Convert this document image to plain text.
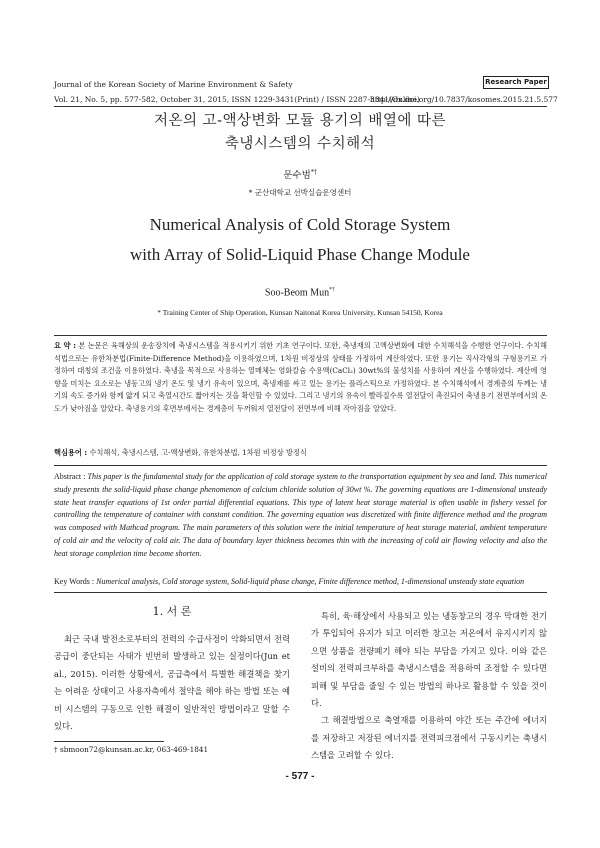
Journal of the Korean Society of Marine Environment & Safety	Research Paper
Vol. 21, No. 5, pp. 577-582, October 31, 2015, ISSN 1229-3431(Print) / ISSN 2287-3341(Online)
http://dx.doi.org/10.7837/kosomes.2015.21.5.577
저온의 고-액상변화 모듈 용기의 배열에 따른
축냉시스템의 수치해석
문수범*†
* 군산대학교 선박실습운영센터
Numerical Analysis of Cold Storage System
with Array of Solid-Liquid Phase Change Module
Soo-Beom Mun*†
* Training Center of Ship Operation, Kunsan Naitonal Korea University, Kunsan 54150, Korea
요 약 : 본 논문은 육해상의 운송장치에 축냉시스템을 적용시키기 위한 기초 연구이다. 또한, 축냉재의 고액상변화에 대한 수치해석을 수행한 연구이다. 수치해석법으로는 유한차분법(Finite-Difference Method)을 이용하였으며, 1차원 비정상의 상태를 가정하여 계산하였다. 또한 용기는 직사각형의 구형용기로 가정하여 대칭의 조건을 이용하였다. 축냉을 목적으로 사용하는 열매체는 염화칼슘 수용액(CaCl₂) 30wt%의 물성치를 사용하여 계산을 수행하였다. 계산에 영향을 미치는 요소로는 냉동고의 냉기 온도 및 냉기 유속이 있으며, 축냉재를 싸고 있는 용기는 플라스틱으로 가정하였다. 본 수치해석에서 경계층의 두께는 냉기의 속도 증가와 함께 얇게 되고 축열시간도 짧아지는 것을 확인할 수 있었다. 그리고 냉기의 유속이 빨라질수록 열전달이 촉진되어 축냉용기 전면부에서의 온도가 낮아짐을 알았다. 축냉용기의 후면부에서는 경계층이 두꺼워져 열전달이 전면부에 비해 작아짐을 알았다.
핵심용어 : 수치해석, 축냉시스템, 고-액상변화, 유한차분법, 1차원 비정상 방정식
Abstract : This paper is the fundamental study for the application of cold storage system to the transportation equipment by sea and land. This numerical study presents the solid-liquid phase change phenomenon of calcium chloride solution of 30wt %. The governing equations are 1-dimensional unsteady state heat transfer equations of 1st order partial differential equations. This type of latent heat storage material is often usable in fishery vessel for controlling the temperature of container with constant condition. The governing equation was discretized with finite difference method and the program was composed with Mathcad program. The main parameters of this solution were the initial temperature of heat storage material, ambient temperature of cold air and the velocity of cold air. The data of boundary layer thickness becomes thin with the increasing of cold air flowing velocity and also the heat storage completion time become shorten.
Key Words : Numerical analysis, Cold storage system, Solid-liquid phase change, Finite difference method, 1-dimensional unsteady state equation
1. 서 론

최근 국내 발전소로부터의 전력의 수급사정이 악화되면서 전력공급이 중단되는 사태가 빈번히 발생하고 있는 실정이다(Jun et al., 2015). 이러한 상황에서, 공급측에서 특별한 해결책을 찾기는 어려운 상태이고 사용자측에서 절약을 해야 하는 방법 또는 예비 시스템의 구동으로 인한 해결이 일반적인 방법이라고 말할 수 있다.

특히, 육·해상에서 사용되고 있는 냉동창고의 경우 막대한 전기가 투입되어 유지가 되고 이러한 창고는 저온에서 유지시키지 않으면 상품을 전량폐기 해야 되는 부담을 가지고 있다. 이와 같은 설비의 전력피크부하를 축냉시스템을 적용하여 조정할 수 있다면 피해 및 부담을 줄일 수 있는 방법의 하나로 활용할 수 있을 것이다.

그 해결방법으로 축열재를 이용하여 야간 또는 주간에 에너지를 저장하고 저장된 에너지를 전력피크점에서 구동시키는 축냉시스템을 고려할 수 있다.

† sbmoon72@kunsan.ac.kr, 063-469-1841
- 577 -
